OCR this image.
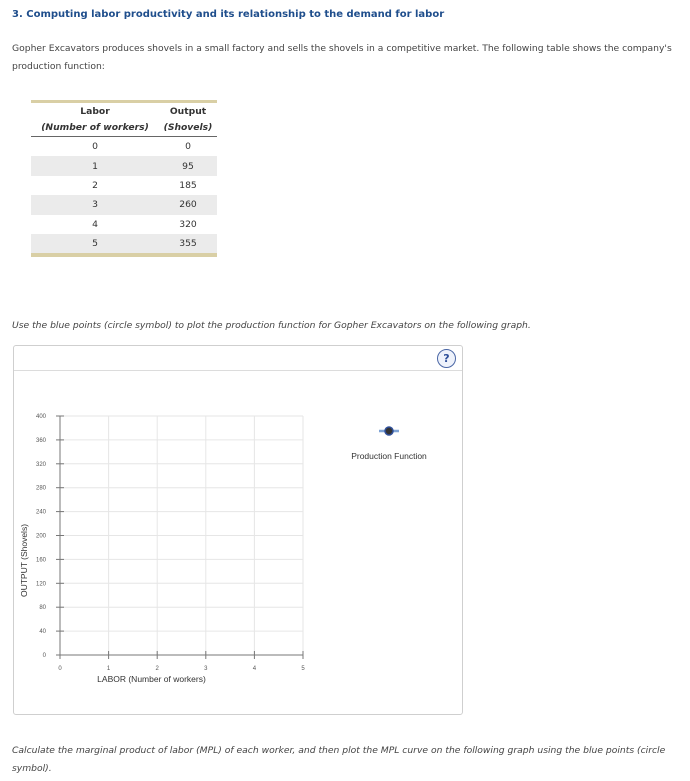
3. Computing labor productivity and its relationship to the demand for labor
Gopher Excavators produces shovels in a small factory and sells the shovels in a competitive market. The following table shows the company's production function:

Labor	Output
(Number of workers)	(Shovels)
0	0
1	95
2	185
3	260
4	320
5	355

Use the blue points (circle symbol) to plot the production function for Gopher Excavators on the following graph.
?
0
40
80
120
160
200
240
280
320
360
400
0	1	2	3	4	5
LABOR (Number of workers)
OUTPUT (Shovels)
Production Function
Calculate the marginal product of labor (MPL) of each worker, and then plot the MPL curve on the following graph using the blue points (circle symbol).
